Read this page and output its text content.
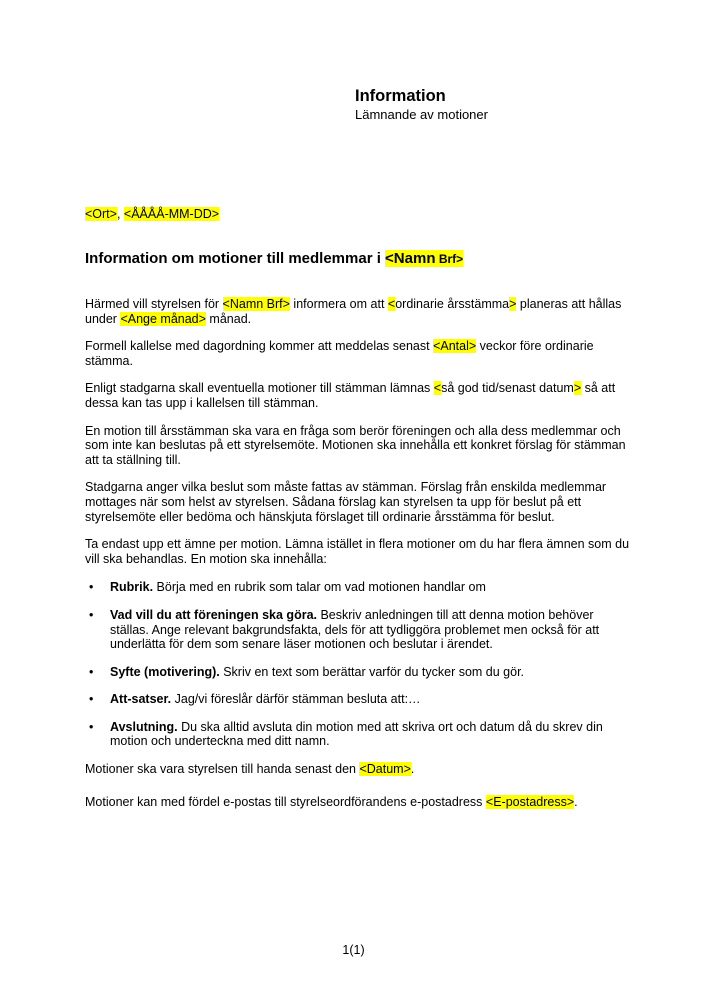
Information
Lämnande av motioner
<Ort>, <ÅÅÅÅ-MM-DD>
Information om motioner till medlemmar i <Namn Brf>

Härmed vill styrelsen för <Namn Brf> informera om att <ordinarie årsstämma> planeras att hållas under <Ange månad> månad.

Formell kallelse med dagordning kommer att meddelas senast <Antal> veckor före ordinarie stämma.

Enligt stadgarna skall eventuella motioner till stämman lämnas <så god tid/senast datum> så att dessa kan tas upp i kallelsen till stämman.

En motion till årsstämman ska vara en fråga som berör föreningen och alla dess medlemmar och som inte kan beslutas på ett styrelsemöte. Motionen ska innehålla ett konkret förslag för stämman att ta ställning till.

Stadgarna anger vilka beslut som måste fattas av stämman. Förslag från enskilda medlemmar mottages när som helst av styrelsen. Sådana förslag kan styrelsen ta upp för beslut på ett styrelsemöte eller bedöma och hänskjuta förslaget till ordinarie årsstämma för beslut.

Ta endast upp ett ämne per motion. Lämna istället in flera motioner om du har flera ämnen som du vill ska behandlas. En motion ska innehålla:

• Rubrik. Börja med en rubrik som talar om vad motionen handlar om
• Vad vill du att föreningen ska göra. Beskriv anledningen till att denna motion behöver ställas. Ange relevant bakgrundsfakta, dels för att tydliggöra problemet men också för att underlätta för dem som senare läser motionen och beslutar i ärendet.
• Syfte (motivering). Skriv en text som berättar varför du tycker som du gör.
• Att-satser. Jag/vi föreslår därför stämman besluta att:…
• Avslutning. Du ska alltid avsluta din motion med att skriva ort och datum då du skrev din motion och underteckna med ditt namn.

Motioner ska vara styrelsen till handa senast den <Datum>.

Motioner kan med fördel e-postas till styrelseordförandens e-postadress <E-postadress>.

1(1)
